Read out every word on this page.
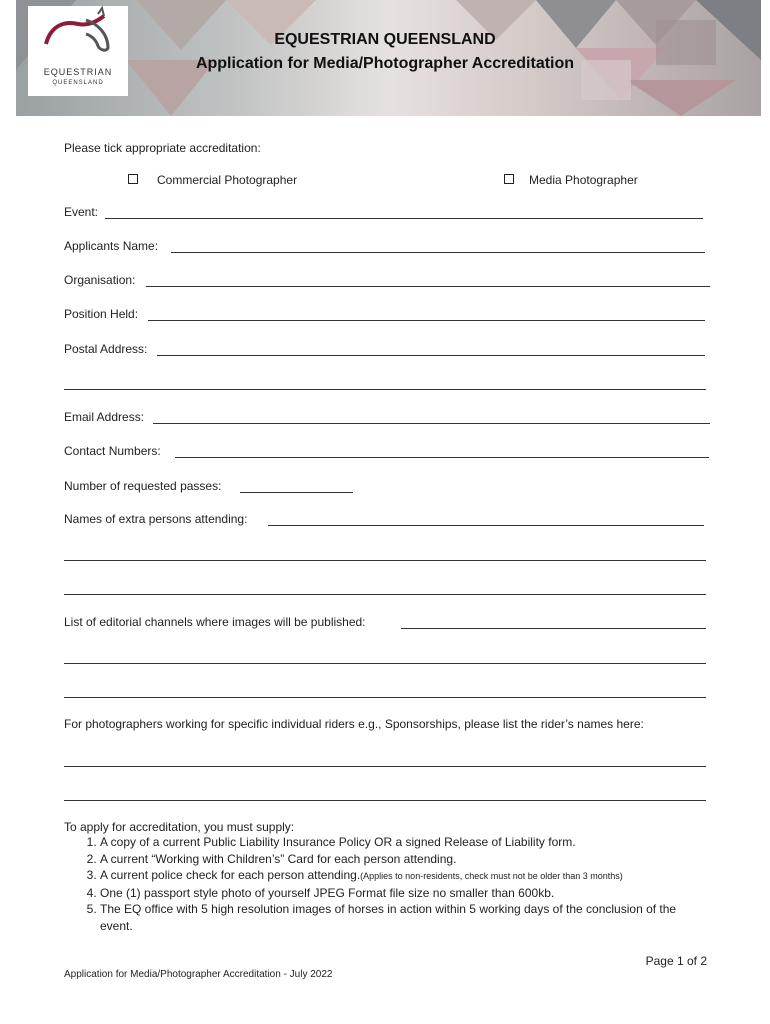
EQUESTRIAN
QUEENSLAND
EQUESTRIAN QUEENSLAND
Application for Media/Photographer Accreditation
Please tick appropriate accreditation:
Commercial Photographer	Media Photographer
Event:
Applicants Name:
Organisation:
Position Held:
Postal Address:
Email Address:
Contact Numbers:
Number of requested passes:
Names of extra persons attending:
List of editorial channels where images will be published:
For photographers working for specific individual riders e.g., Sponsorships, please list the rider’s names here:
To apply for accreditation, you must supply:
1. A copy of a current Public Liability Insurance Policy OR a signed Release of Liability form.
2. A current “Working with Children’s” Card for each person attending.
3. A current police check for each person attending.(Applies to non-residents, check must not be older than 3 months)
4. One (1) passport style photo of yourself JPEG Format file size no smaller than 600kb.
5. The EQ office with 5 high resolution images of horses in action within 5 working days of the conclusion of the event.
Page 1 of 2
Application for Media/Photographer Accreditation - July 2022
